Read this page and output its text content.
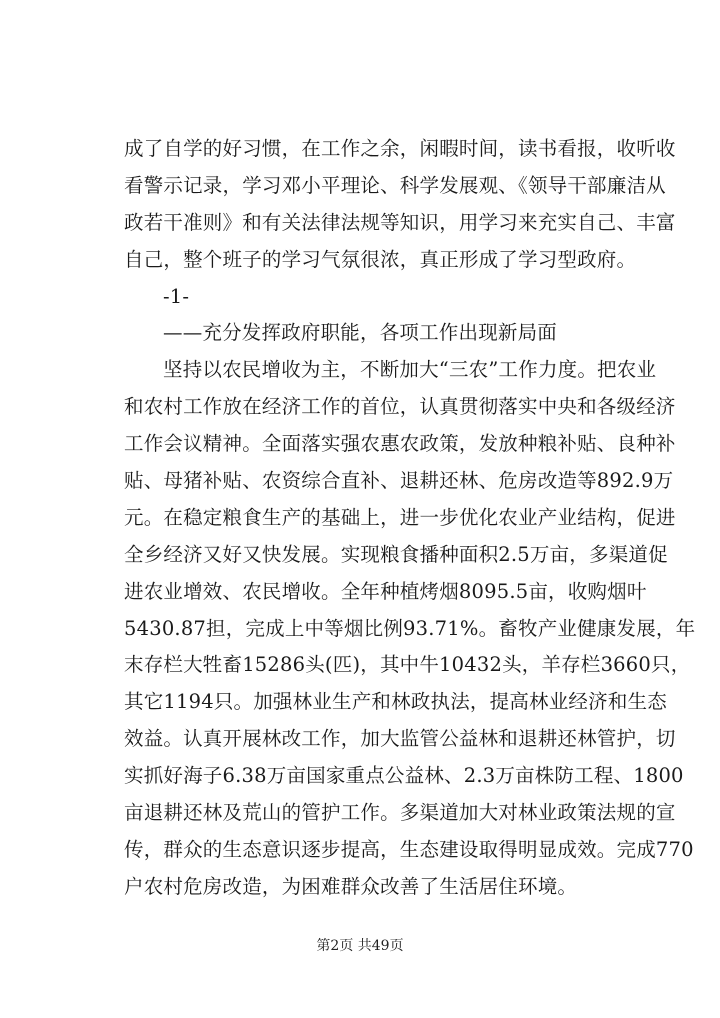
成了自学的好习惯，在工作之余，闲暇时间，读书看报，收听收
看警示记录，学习邓小平理论、科学发展观、《领导干部廉洁从
政若干准则》和有关法律法规等知识，用学习来充实自己、丰富
自己，整个班子的学习气氛很浓，真正形成了学习型政府。
-1-
——充分发挥政府职能，各项工作出现新局面
坚持以农民增收为主，不断加大“三农”工作力度。把农业
和农村工作放在经济工作的首位，认真贯彻落实中央和各级经济
工作会议精神。全面落实强农惠农政策，发放种粮补贴、良种补
贴、母猪补贴、农资综合直补、退耕还林、危房改造等892.9万
元。在稳定粮食生产的基础上，进一步优化农业产业结构，促进
全乡经济又好又快发展。实现粮食播种面积2.5万亩，多渠道促
进农业增效、农民增收。全年种植烤烟8095.5亩，收购烟叶
5430.87担，完成上中等烟比例93.71%。畜牧产业健康发展，年
末存栏大牲畜15286头(匹)，其中牛10432头，羊存栏3660只，
其它1194只。加强林业生产和林政执法，提高林业经济和生态
效益。认真开展林改工作，加大监管公益林和退耕还林管护，切
实抓好海子6.38万亩国家重点公益林、2.3万亩株防工程、1800
亩退耕还林及荒山的管护工作。多渠道加大对林业政策法规的宣
传，群众的生态意识逐步提高，生态建设取得明显成效。完成770
户农村危房改造，为困难群众改善了生活居住环境。
第2页 共49页
